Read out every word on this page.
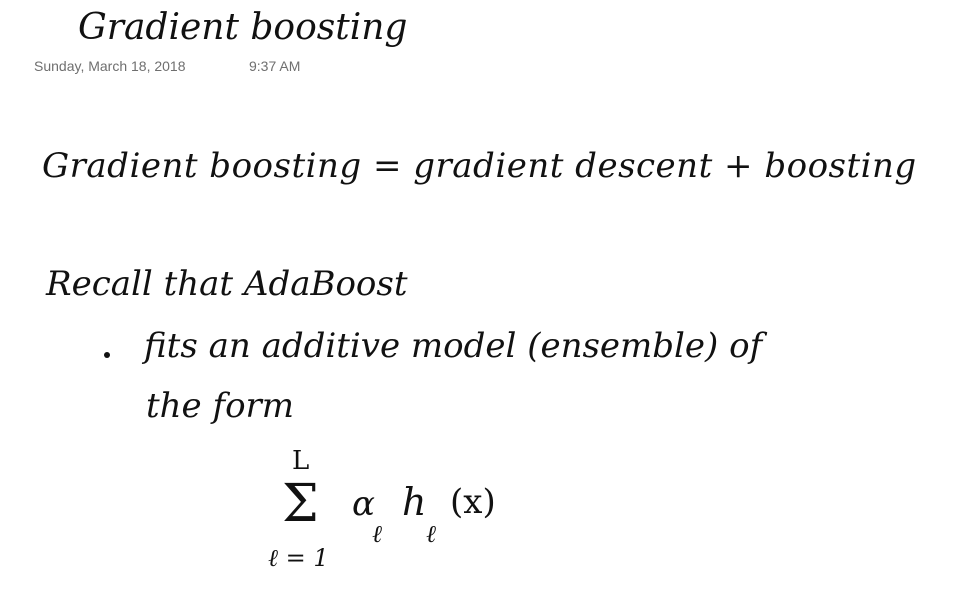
Gradient boosting
Sunday, March 18, 2018	9:37 AM
Gradient boosting = gradient descent + boosting
Recall that AdaBoost
fits an additive model (ensemble) of
the form
L
Σ
ℓ = 1
α
ℓ
h
ℓ
(x)
